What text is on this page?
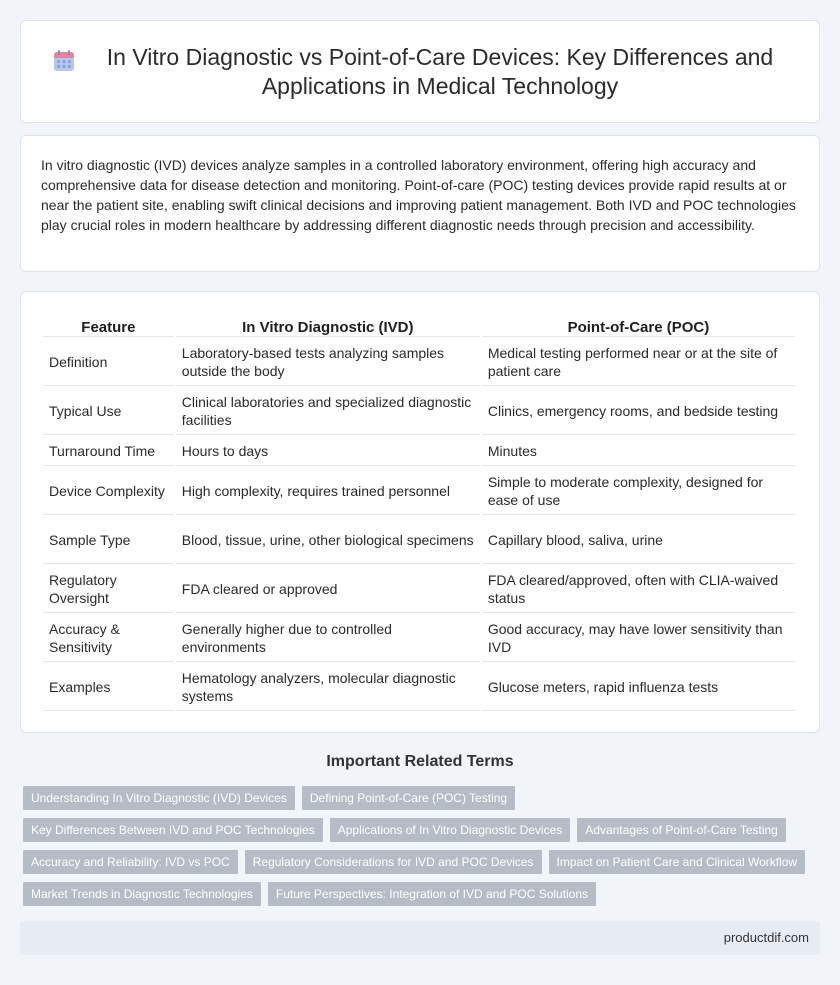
In Vitro Diagnostic vs Point-of-Care Devices: Key Differences and Applications in Medical Technology

In vitro diagnostic (IVD) devices analyze samples in a controlled laboratory environment, offering high accuracy and comprehensive data for disease detection and monitoring. Point-of-care (POC) testing devices provide rapid results at or near the patient site, enabling swift clinical decisions and improving patient management. Both IVD and POC technologies play crucial roles in modern healthcare by addressing different diagnostic needs through precision and accessibility.

Feature	In Vitro Diagnostic (IVD)	Point-of-Care (POC)
Definition	Laboratory-based tests analyzing samples outside the body	Medical testing performed near or at the site of patient care
Typical Use	Clinical laboratories and specialized diagnostic facilities	Clinics, emergency rooms, and bedside testing
Turnaround Time	Hours to days	Minutes
Device Complexity	High complexity, requires trained personnel	Simple to moderate complexity, designed for ease of use
Sample Type	Blood, tissue, urine, other biological specimens	Capillary blood, saliva, urine
Regulatory Oversight	FDA cleared or approved	FDA cleared/approved, often with CLIA-waived status
Accuracy & Sensitivity	Generally higher due to controlled environments	Good accuracy, may have lower sensitivity than IVD
Examples	Hematology analyzers, molecular diagnostic systems	Glucose meters, rapid influenza tests
Important Related Terms
Understanding In Vitro Diagnostic (IVD) Devices	Defining Point-of-Care (POC) Testing
Key Differences Between IVD and POC Technologies	Applications of In Vitro Diagnostic Devices	Advantages of Point-of-Care Testing
Accuracy and Reliability: IVD vs POC	Regulatory Considerations for IVD and POC Devices	Impact on Patient Care and Clinical Workflow
Market Trends in Diagnostic Technologies	Future Perspectives: Integration of IVD and POC Solutions
productdif.com
